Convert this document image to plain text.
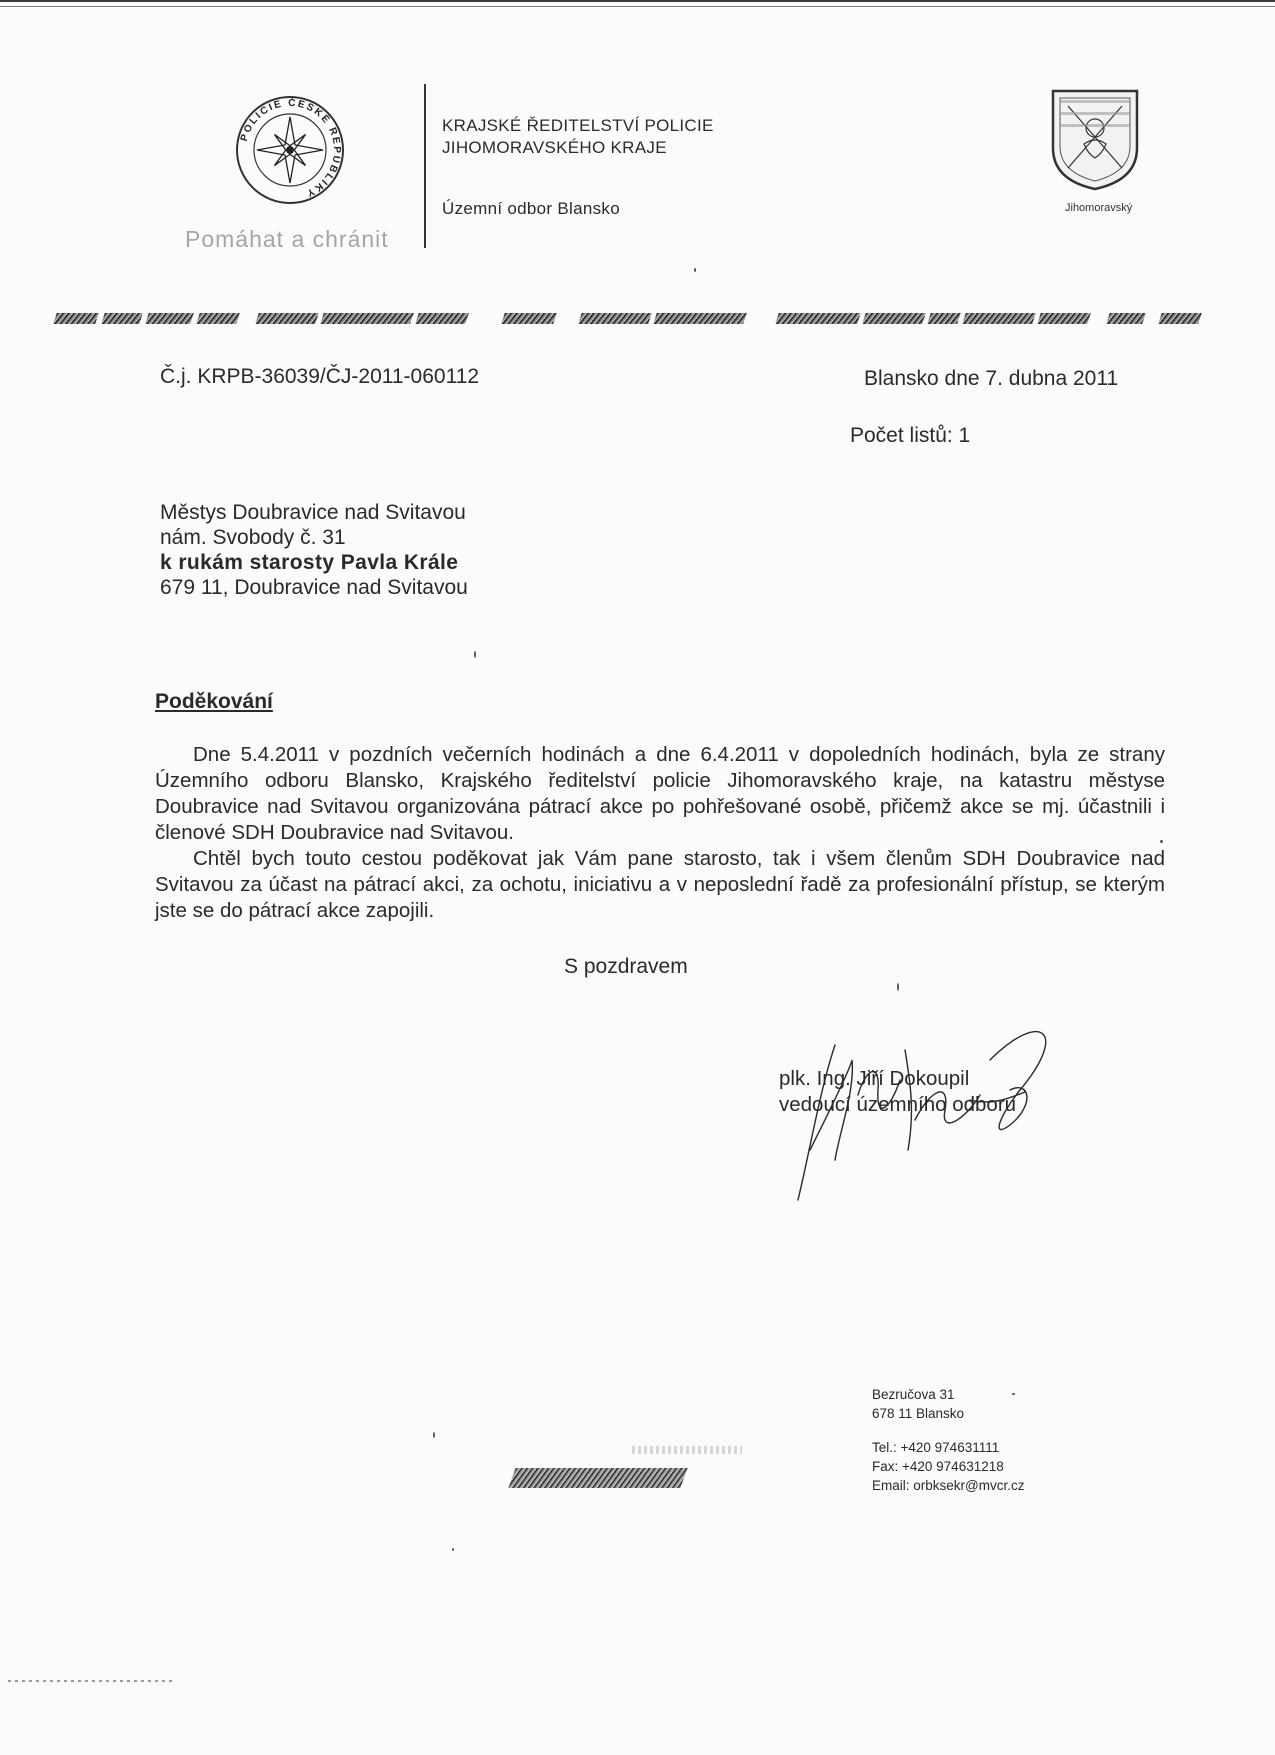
POLICIE ČESKÉ REPUBLIKY
Pomáhat a chránit
KRAJSKÉ ŘEDITELSTVÍ POLICIE
JIHOMORAVSKÉHO KRAJE
Územní odbor Blansko	Jihomoravský
Č.j. KRPB-36039/ČJ-2011-060112	Blansko dne 7. dubna 2011
Počet listů: 1
Městys Doubravice nad Svitavou
nám. Svobody č. 31
k rukám starosty Pavla Krále
679 11, Doubravice nad Svitavou
Poděkování

Dne 5.4.2011 v pozdních večerních hodinách a dne 6.4.2011 v dopoledních hodinách, byla ze strany Územního odboru Blansko, Krajského ředitelství policie Jihomoravského kraje, na katastru městyse Doubravice nad Svitavou organizována pátrací akce po pohřešované osobě, přičemž akce se mj. účastnili i členové SDH Doubravice nad Svitavou.

Chtěl bych touto cestou poděkovat jak Vám pane starosto, tak i všem členům SDH Doubravice nad Svitavou za účast na pátrací akci, za ochotu, iniciativu a v neposlední řadě za profesionální přístup, se kterým jste se do pátrací akce zapojili.

S pozdravem
plk. Ing. Jiří Dokoupil
vedoucí územního odboru
Bezručova 31
678 11 Blansko
Tel.: +420 974631111
Fax: +420 974631218
Email: orbksekr@mvcr.cz
